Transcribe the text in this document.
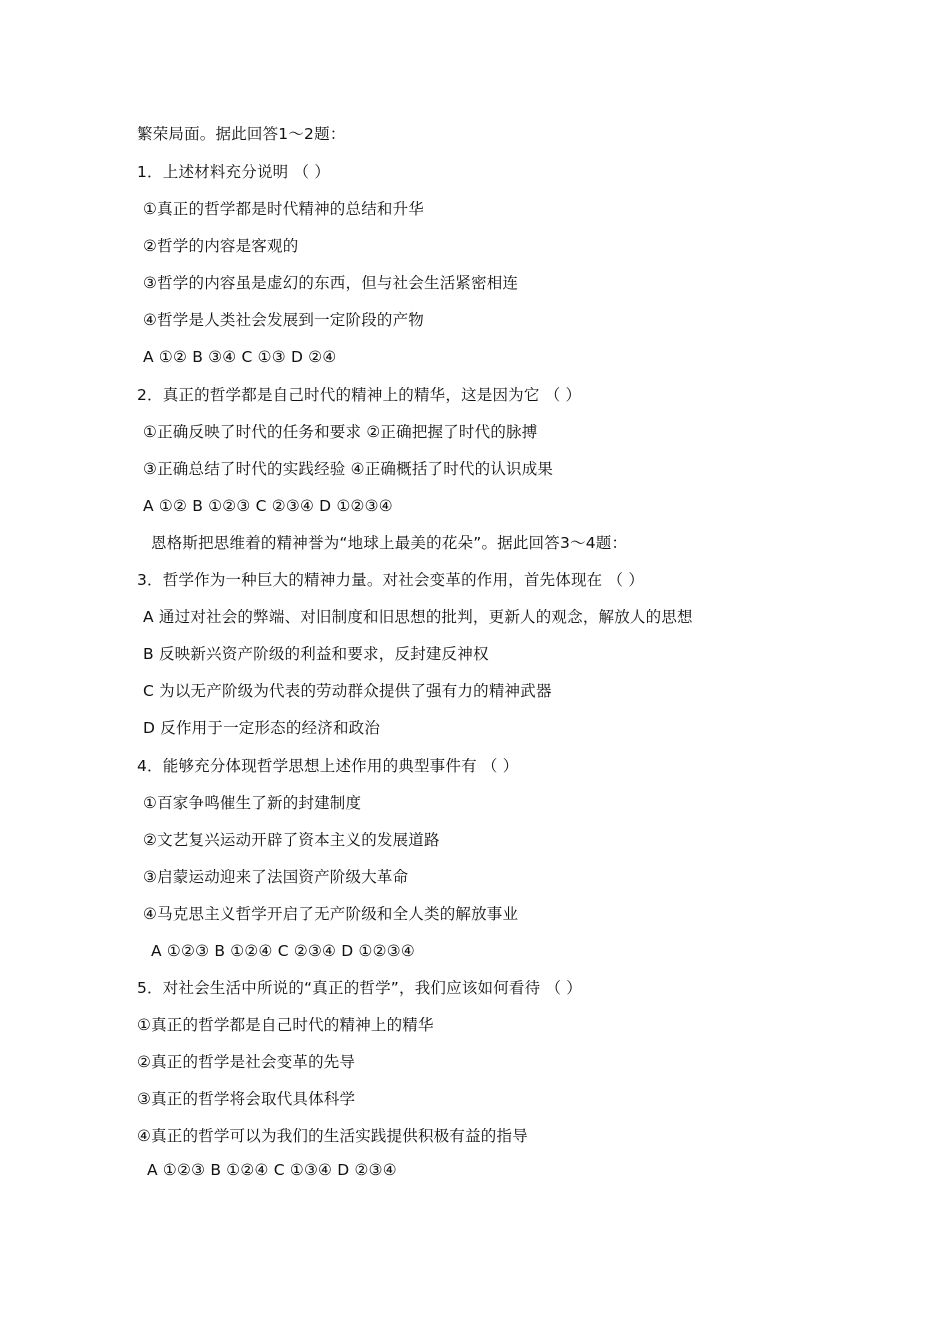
繁荣局面。据此回答1～2题：
1．上述材料充分说明 （ ）
①真正的哲学都是时代精神的总结和升华
②哲学的内容是客观的
③哲学的内容虽是虚幻的东西，但与社会生活紧密相连
④哲学是人类社会发展到一定阶段的产物
A ①② B ③④ C ①③ D ②④
2．真正的哲学都是自己时代的精神上的精华，这是因为它 （ ）
①正确反映了时代的任务和要求 ②正确把握了时代的脉搏
③正确总结了时代的实践经验 ④正确概括了时代的认识成果
A ①② B ①②③ C ②③④ D ①②③④
恩格斯把思维着的精神誉为“地球上最美的花朵”。据此回答3～4题：
3．哲学作为一种巨大的精神力量。对社会变革的作用，首先体现在 （ ）
A 通过对社会的弊端、对旧制度和旧思想的批判，更新人的观念，解放人的思想
B 反映新兴资产阶级的利益和要求，反封建反神权
C 为以无产阶级为代表的劳动群众提供了强有力的精神武器
D 反作用于一定形态的经济和政治
4．能够充分体现哲学思想上述作用的典型事件有 （ ）
①百家争鸣催生了新的封建制度
②文艺复兴运动开辟了资本主义的发展道路
③启蒙运动迎来了法国资产阶级大革命
④马克思主义哲学开启了无产阶级和全人类的解放事业
A ①②③ B ①②④ C ②③④ D ①②③④
5．对社会生活中所说的“真正的哲学”，我们应该如何看待 （ ）
①真正的哲学都是自己时代的精神上的精华
②真正的哲学是社会变革的先导
③真正的哲学将会取代具体科学
④真正的哲学可以为我们的生活实践提供积极有益的指导
A ①②③ B ①②④ C ①③④ D ②③④
